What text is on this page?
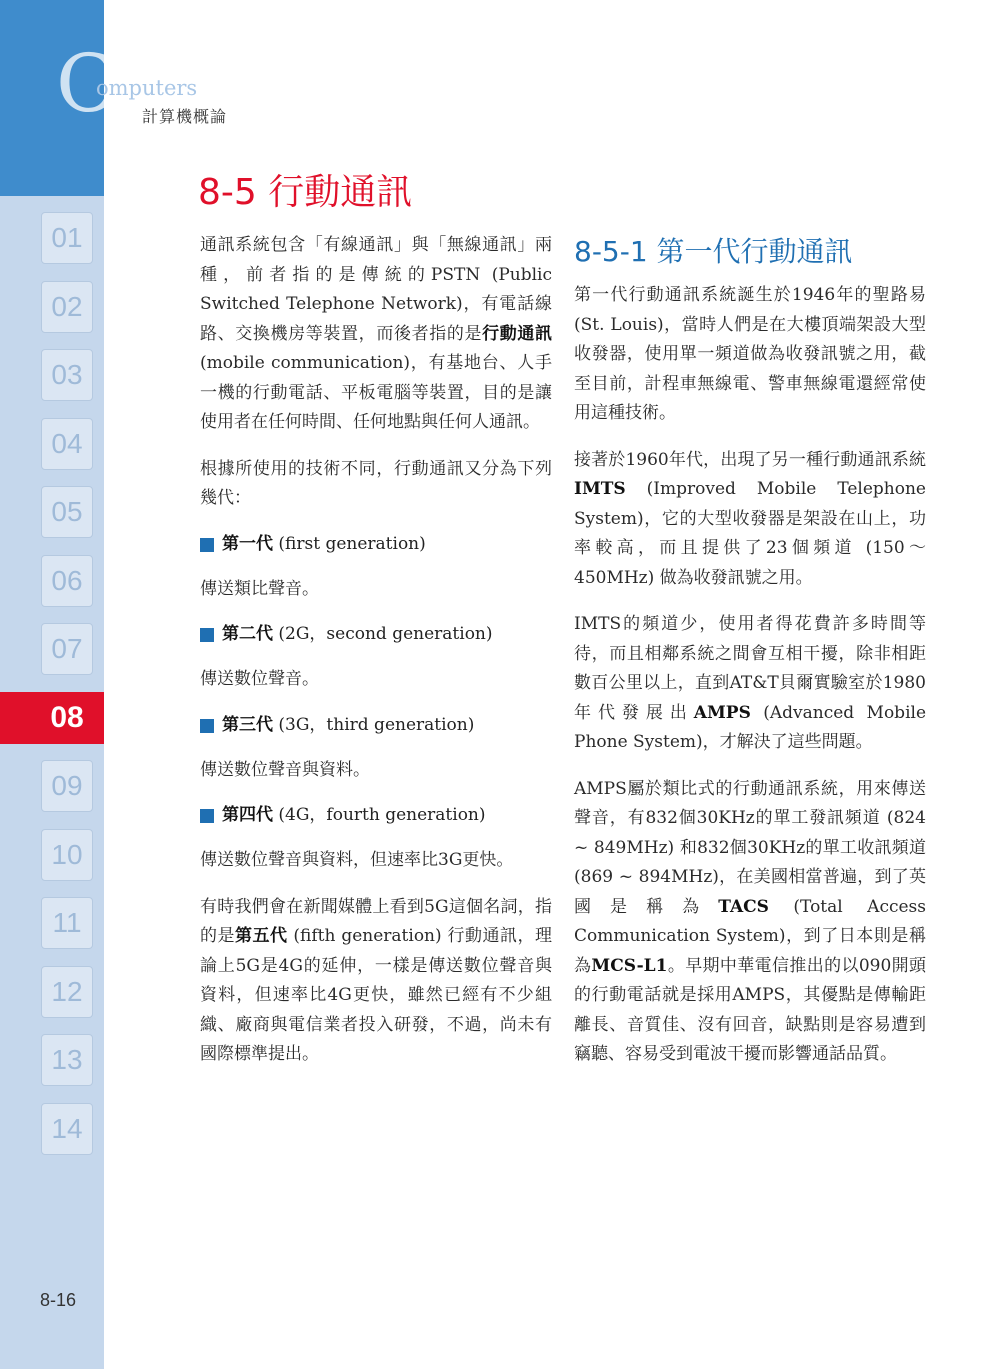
C
omputers
計算機概論
01
02
03
04
05
06
07
08
09
10
11
12
13
14
8-16
8-5 行動通訊
8-5-1 第一代行動通訊

通訊系統包含「有線通訊」與「無線通訊」兩種，前者指的是傳統的PSTN (Public Switched Telephone Network)，有電話線路、交換機房等裝置，而後者指的是行動通訊 (mobile communication)，有基地台、人手一機的行動電話、平板電腦等裝置，目的是讓使用者在任何時間、任何地點與任何人通訊。

根據所使用的技術不同，行動通訊又分為下列幾代：

第一代 (first generation)

傳送類比聲音。

第二代 (2G，second generation)

傳送數位聲音。

第三代 (3G，third generation)

傳送數位聲音與資料。

第四代 (4G，fourth generation)

傳送數位聲音與資料，但速率比3G更快。

有時我們會在新聞媒體上看到5G這個名詞，指的是第五代 (fifth generation) 行動通訊，理論上5G是4G的延伸，一樣是傳送數位聲音與資料，但速率比4G更快，雖然已經有不少組織、廠商與電信業者投入研發，不過，尚未有國際標準提出。

第一代行動通訊系統誕生於1946年的聖路易 (St. Louis)，當時人們是在大樓頂端架設大型收發器，使用單一頻道做為收發訊號之用，截至目前，計程車無線電、警車無線電還經常使用這種技術。

接著於1960年代，出現了另一種行動通訊系統IMTS (Improved Mobile Telephone System)，它的大型收發器是架設在山上，功率較高，而且提供了23個頻道 (150～450MHz) 做為收發訊號之用。

IMTS的頻道少，使用者得花費許多時間等待，而且相鄰系統之間會互相干擾，除非相距數百公里以上，直到AT&T貝爾實驗室於1980年代發展出AMPS (Advanced Mobile Phone System)，才解決了這些問題。

AMPS屬於類比式的行動通訊系統，用來傳送聲音，有832個30KHz的單工發訊頻道 (824 ~ 849MHz) 和832個30KHz的單工收訊頻道 (869 ~ 894MHz)，在美國相當普遍，到了英國是稱為TACS (Total Access Communication System)，到了日本則是稱為MCS-L1。早期中華電信推出的以090開頭的行動電話就是採用AMPS，其優點是傳輸距離長、音質佳、沒有回音，缺點則是容易遭到竊聽、容易受到電波干擾而影響通話品質。
